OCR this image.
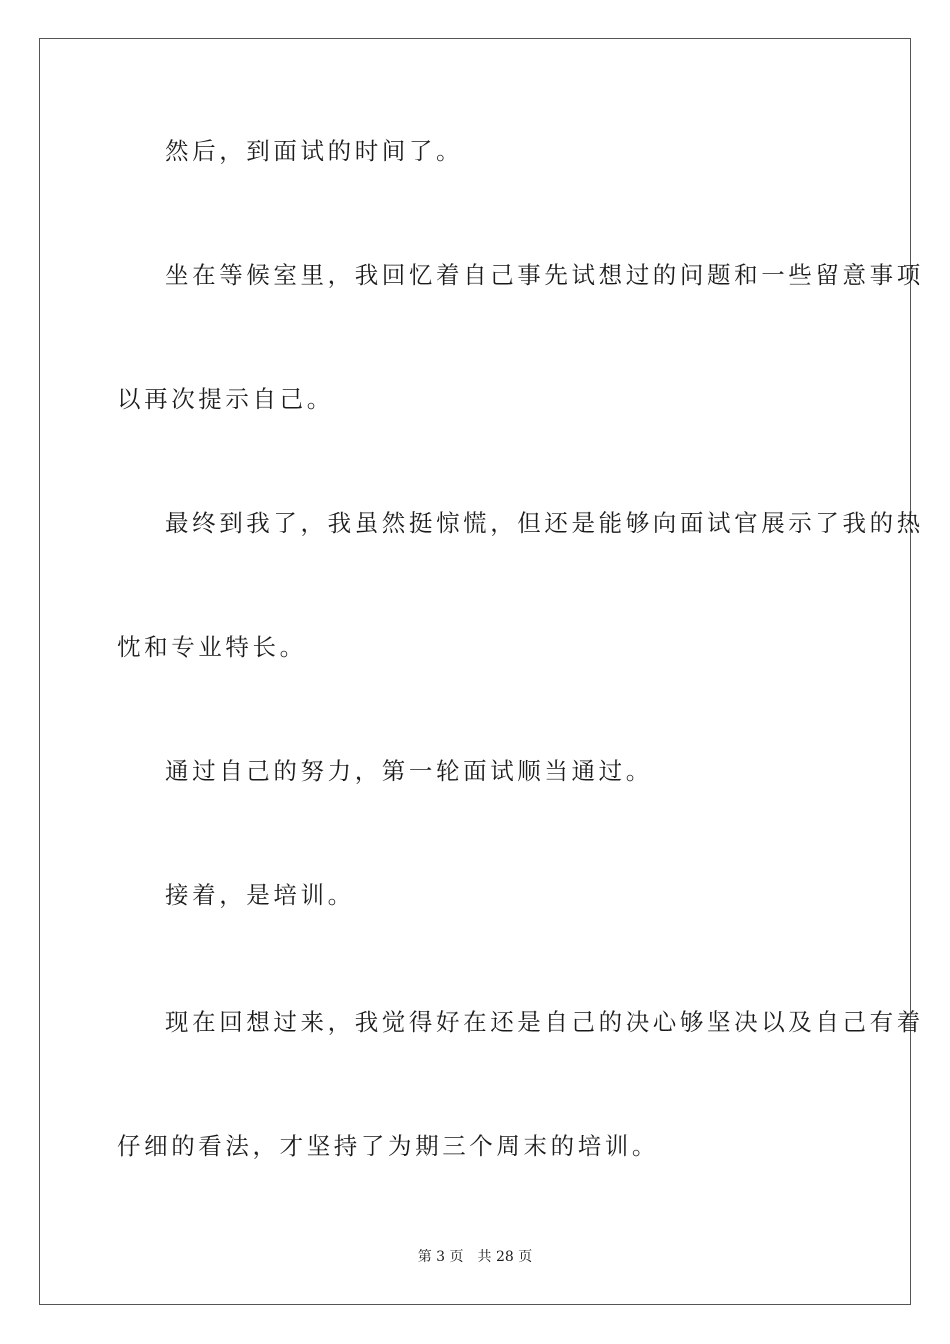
然后，到面试的时间了。
坐在等候室里，我回忆着自己事先试想过的问题和一些留意事项
以再次提示自己。
最终到我了，我虽然挺惊慌，但还是能够向面试官展示了我的热
忱和专业特长。
通过自己的努力，第一轮面试顺当通过。
接着，是培训。
现在回想过来，我觉得好在还是自己的决心够坚决以及自己有着
仔细的看法，才坚持了为期三个周末的培训。
第 3 页 共 28 页
